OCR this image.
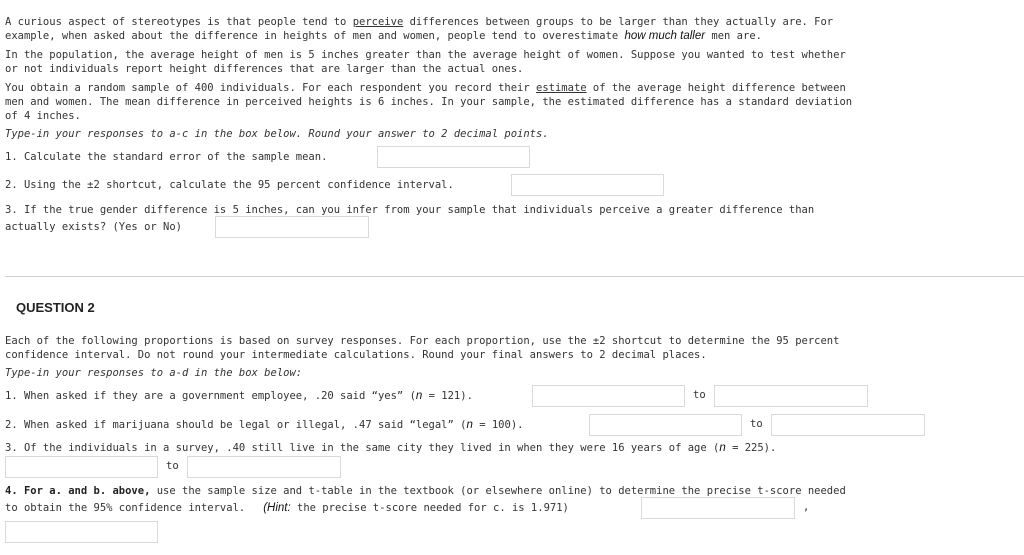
A curious aspect of stereotypes is that people tend to perceive differences between groups to be larger than they actually are. For
example, when asked about the difference in heights of men and women, people tend to overestimate how much taller men are.
In the population, the average height of men is 5 inches greater than the average height of women. Suppose you wanted to test whether
or not individuals report height differences that are larger than the actual ones.
You obtain a random sample of 400 individuals. For each respondent you record their estimate of the average height difference between
men and women. The mean difference in perceived heights is 6 inches. In your sample, the estimated difference has a standard deviation
of 4 inches.
Type-in your responses to a-c in the box below. Round your answer to 2 decimal points.
1. Calculate the standard error of the sample mean.
2. Using the ±2 shortcut, calculate the 95 percent confidence interval.
3. If the true gender difference is 5 inches, can you infer from your sample that individuals perceive a greater difference than
actually exists? (Yes or No)
QUESTION 2
Each of the following proportions is based on survey responses. For each proportion, use the ±2 shortcut to determine the 95 percent
confidence interval. Do not round your intermediate calculations. Round your final answers to 2 decimal places.
Type-in your responses to a-d in the box below:
1. When asked if they are a government employee, .20 said “yes” (n = 121).	to
2. When asked if marijuana should be legal or illegal, .47 said “legal” (n = 100).	to
3. Of the individuals in a survey, .40 still live in the same city they lived in when they were 16 years of age (n = 225).
to
4. For a. and b. above, use the sample size and t-table in the textbook (or elsewhere online) to determine the precise t-score needed
to obtain the 95% confidence interval. (Hint: the precise t-score needed for c. is 1.971)	,
